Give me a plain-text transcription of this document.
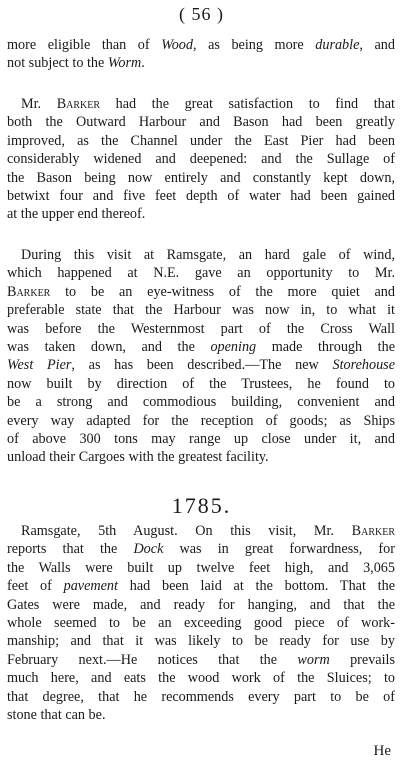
( 56 )
more eligible than of Wood, as being more durable, and
not subject to the Worm.
Mr. Barker had the great satisfaction to find that
both the Outward Harbour and Bason had been greatly
improved, as the Channel under the East Pier had been
considerably widened and deepened: and the Sullage of
the Bason being now entirely and constantly kept down,
betwixt four and five feet depth of water had been gained
at the upper end thereof.
During this visit at Ramsgate, an hard gale of wind,
which happened at N.E. gave an opportunity to Mr.
Barker to be an eye-witness of the more quiet and
preferable state that the Harbour was now in, to what it
was before the Westernmost part of the Cross Wall
was taken down, and the opening made through the
West Pier, as has been described.—The new Storehouse
now built by direction of the Trustees, he found to
be a strong and commodious building, convenient and
every way adapted for the reception of goods; as Ships
of above 300 tons may range up close under it, and
unload their Cargoes with the greatest facility.
1785.
Ramsgate, 5th August. On this visit, Mr. Barker
reports that the Dock was in great forwardness, for
the Walls were built up twelve feet high, and 3,065
feet of pavement had been laid at the bottom. That the
Gates were made, and ready for hanging, and that the
whole seemed to be an exceeding good piece of work-
manship; and that it was likely to be ready for use by
February next.—He notices that the worm prevails
much here, and eats the wood work of the Sluices; to
that degree, that he recommends every part to be of
stone that can be.
He
